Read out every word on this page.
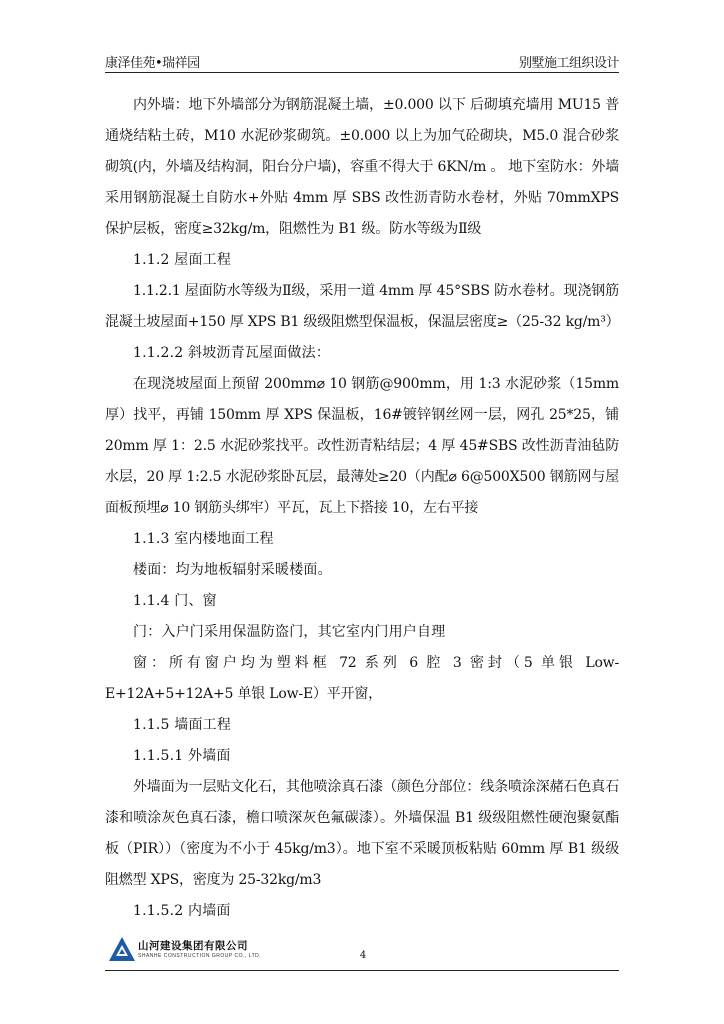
康泽佳苑•瑞祥园	别墅施工组织设计

内外墙：地下外墙部分为钢筋混凝土墙，±0.000 以下 后砌填充墙用 MU15 普通烧结粘土砖，M10 水泥砂浆砌筑。±0.000 以上为加气砼砌块，M5.0 混合砂浆砌筑(内，外墙及结构洞，阳台分户墙)，容重不得大于 6KN/m 。 地下室防水：外墙采用钢筋混凝土自防水+外贴 4mm 厚 SBS 改性沥青防水卷材，外贴 70mmXPS 保护层板，密度≥32kg/m，阻燃性为 B1 级。防水等级为Ⅱ级

1.1.2 屋面工程

1.1.2.1 屋面防水等级为Ⅱ级，采用一道 4mm 厚 45°SBS 防水卷材。现浇钢筋混凝土坡屋面+150 厚 XPS B1 级级阻燃型保温板，保温层密度≥（25-32 kg/m³）

1.1.2.2 斜坡沥青瓦屋面做法：

在现浇坡屋面上预留 200mm⌀ 10 钢筋@900mm，用 1:3 水泥砂浆（15mm 厚）找平，再铺 150mm 厚 XPS 保温板，16#镀锌钢丝网一层，网孔 25*25，铺 20mm 厚 1：2.5 水泥砂浆找平。改性沥青粘结层；4 厚 45#SBS 改性沥青油毡防水层，20 厚 1:2.5 水泥砂浆卧瓦层，最薄处≥20（内配⌀ 6@500X500 钢筋网与屋面板预埋⌀ 10 钢筋头绑牢）平瓦，瓦上下搭接 10，左右平接

1.1.3 室内楼地面工程

楼面：均为地板辐射采暖楼面。

1.1.4 门、窗

门：入户门采用保温防盗门，其它室内门用户自理

窗：所有窗户均为塑料框 72 系列 6 腔 3 密封（5 单银 Low-E+12A+5+12A+5 单银 Low-E）平开窗，

1.1.5 墙面工程

1.1.5.1 外墙面

外墙面为一层贴文化石，其他喷涂真石漆（颜色分部位：线条喷涂深赭石色真石漆和喷涂灰色真石漆，檐口喷深灰色氟碳漆）。外墙保温 B1 级级阻燃性硬泡聚氨酯板（PIR））（密度为不小于 45kg/m3）。地下室不采暖顶板粘贴 60mm 厚 B1 级级阻燃型 XPS，密度为 25-32kg/m3

1.1.5.2 内墙面

山河建设集团有限公司
SHANHE CONSTRUCTION GROUP CO., LTD.	4
